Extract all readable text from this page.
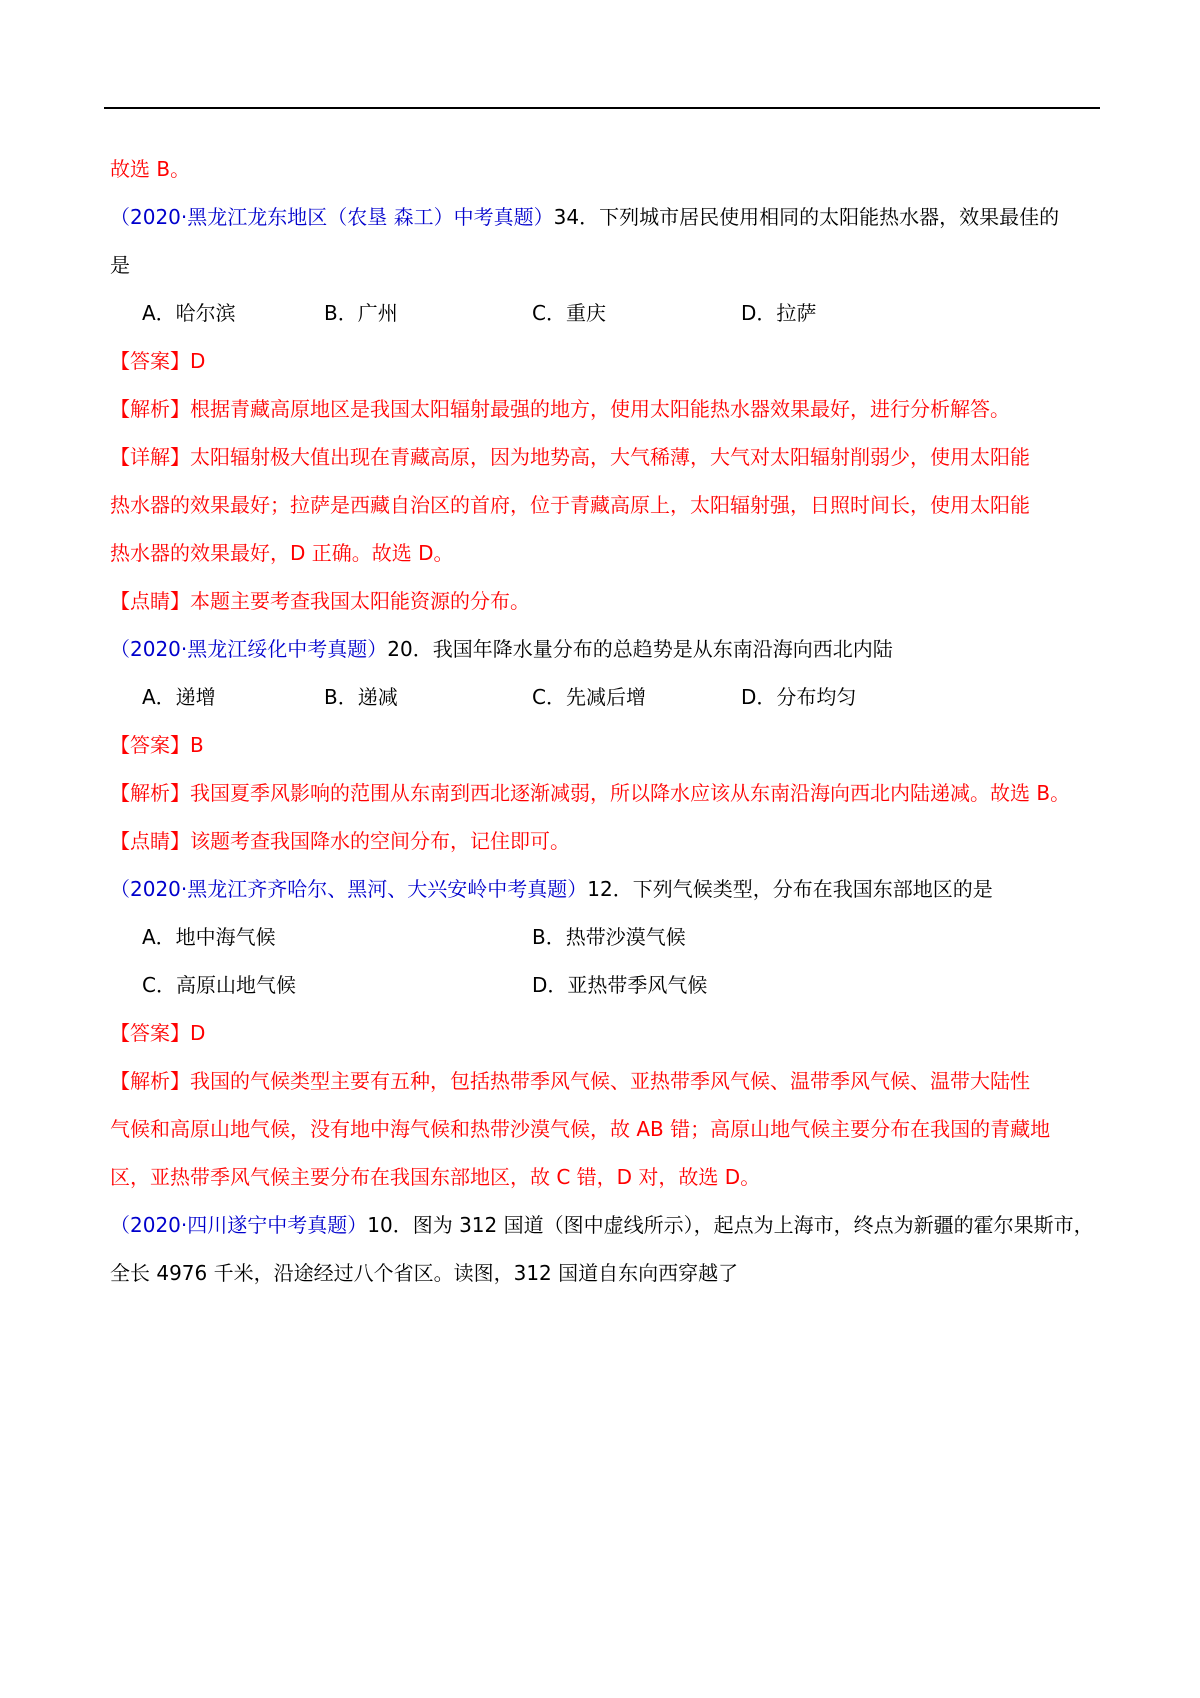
故选 B。
（2020·黑龙江龙东地区（农垦 森工）中考真题）34．下列城市居民使用相同的太阳能热水器，效果最佳的
是
A．哈尔滨	B．广州	C．重庆	D．拉萨
【答案】D
【解析】根据青藏高原地区是我国太阳辐射最强的地方，使用太阳能热水器效果最好，进行分析解答。
【详解】太阳辐射极大值出现在青藏高原，因为地势高，大气稀薄，大气对太阳辐射削弱少，使用太阳能
热水器的效果最好；拉萨是西藏自治区的首府，位于青藏高原上，太阳辐射强，日照时间长，使用太阳能
热水器的效果最好，D 正确。故选 D。
【点睛】本题主要考查我国太阳能资源的分布。
（2020·黑龙江绥化中考真题）20．我国年降水量分布的总趋势是从东南沿海向西北内陆
A．递增	B．递减	C．先减后增	D．分布均匀
【答案】B
【解析】我国夏季风影响的范围从东南到西北逐渐减弱，所以降水应该从东南沿海向西北内陆递减。故选 B。
【点睛】该题考查我国降水的空间分布，记住即可。
（2020·黑龙江齐齐哈尔、黑河、大兴安岭中考真题）12．下列气候类型，分布在我国东部地区的是
A．地中海气候	B．热带沙漠气候
C．高原山地气候	D．亚热带季风气候
【答案】D
【解析】我国的气候类型主要有五种，包括热带季风气候、亚热带季风气候、温带季风气候、温带大陆性
气候和高原山地气候，没有地中海气候和热带沙漠气候，故 AB 错；高原山地气候主要分布在我国的青藏地
区，亚热带季风气候主要分布在我国东部地区，故 C 错，D 对，故选 D。
（2020·四川遂宁中考真题）10．图为 312 国道（图中虚线所示），起点为上海市，终点为新疆的霍尔果斯市，
全长 4976 千米，沿途经过八个省区。读图，312 国道自东向西穿越了
